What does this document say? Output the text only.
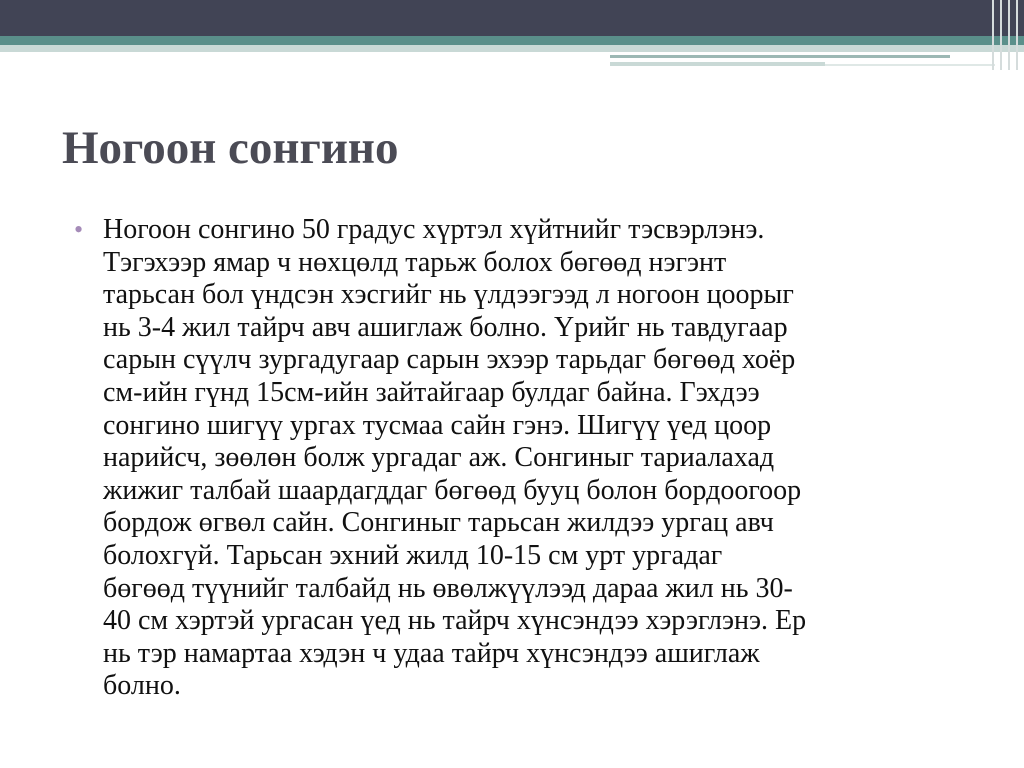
Ногоон сонгино
• Ногоон сонгино 50 градус хүртэл хүйтнийг тэсвэрлэнэ.
Тэгэхээр ямар ч нөхцөлд тарьж болох бөгөөд нэгэнт
тарьсан бол үндсэн хэсгийг нь үлдээгээд л ногоон цоорыг
нь 3-4 жил тайрч авч ашиглаж болно. Үрийг нь тавдугаар
сарын сүүлч зургадугаар сарын эхээр тарьдаг бөгөөд хоёр
см-ийн гүнд 15см-ийн зайтайгаар булдаг байна. Гэхдээ
сонгино шигүү ургах тусмаа сайн гэнэ. Шигүү үед цоор
нарийсч, зөөлөн болж ургадаг аж. Сонгиныг тариалахад
жижиг талбай шаардагддаг бөгөөд бууц болон бордоогоор
бордож өгвөл сайн. Сонгиныг тарьсан жилдээ ургац авч
болохгүй. Тарьсан эхний жилд 10-15 см урт ургадаг
бөгөөд түүнийг талбайд нь өвөлжүүлээд дараа жил нь 30-
40 см хэртэй ургасан үед нь тайрч хүнсэндээ хэрэглэнэ. Ер
нь тэр намартаа хэдэн ч удаа тайрч хүнсэндээ ашиглаж
болно.
